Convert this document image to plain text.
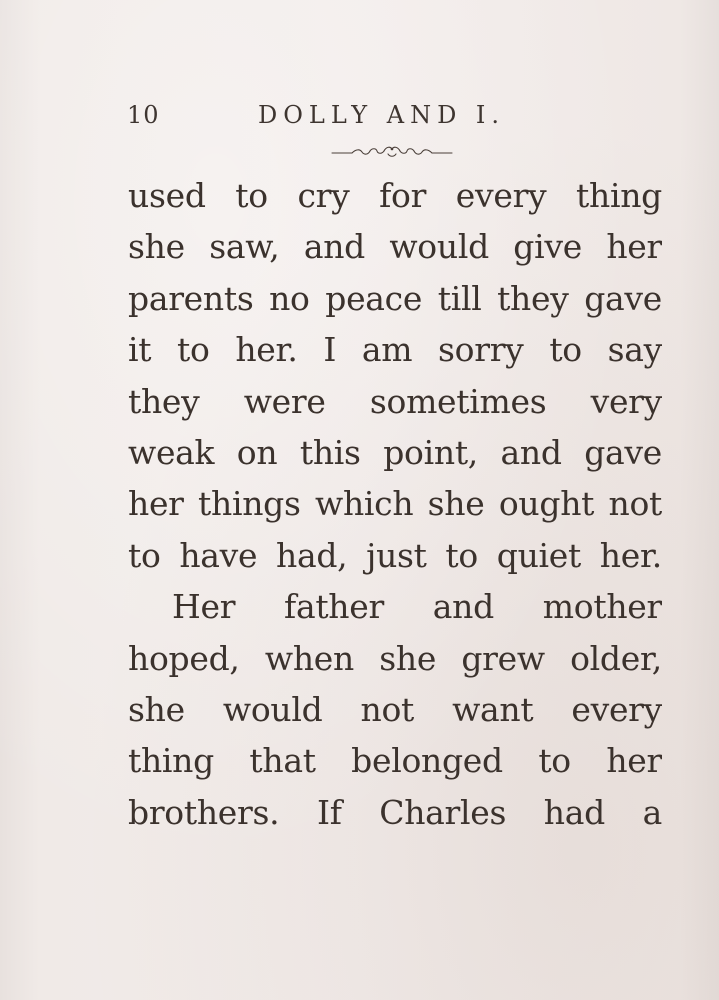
10	DOLLY AND I.
used to cry for every thing
she saw, and would give her
parents no peace till they gave
it to her. I am sorry to say
they were sometimes very
weak on this point, and gave
her things which she ought not
to have had, just to quiet her.
Her father and mother
hoped, when she grew older,
she would not want every
thing that belonged to her
brothers. If Charles had a
